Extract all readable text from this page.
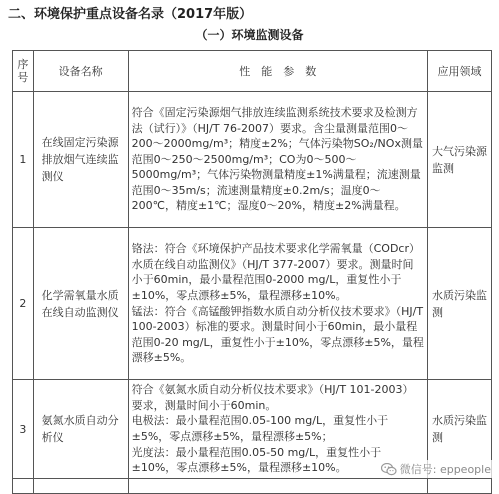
二、环境保护重点设备名录（2017年版）
（一）环境监测设备
序号	设备名称	性　能　参　数	应用领域
1	在线固定污染源排放烟气连续监测仪	符合《固定污染源烟气排放连续监测系统技术要求及检测方法（试行）》（HJ/T 76-2007）要求。含尘量测量范围0～200～2000mg/m³；精度±2%；气体污染物SO₂/NOx测量范围0～250～2500mg/m³；CO为0～500～5000mg/m³；气体污染物测量精度±1%满量程；流速测量范围0～35m/s；流速测量精度±0.2m/s；温度0～200℃，精度±1℃；湿度0～20%，精度±2%满量程。	大气污染源监测
2	化学需氧量水质在线自动监测仪	铬法：符合《环境保护产品技术要求化学需氧量（CODcr）水质在线自动监测仪》（HJ/T 377-2007）要求。测量时间小于60min，最小量程范围0-2000 mg/L，重复性小于±10%，零点漂移±5%，量程漂移±10%。

锰法：符合《高锰酸钾指数水质自动分析仪技术要求》（HJ/T 100-2003）标准的要求。测量时间小于60min，最小量程范围0-20 mg/L，重复性小于±10%，零点漂移±5%，量程漂移±5%。	水质污染监测
3	氨氮水质自动分析仪	符合《氨氮水质自动分析仪技术要求》（HJ/T 101-2003）要求，测量时间小于60min。

电极法：最小量程范围0.05-100 mg/L，重复性小于±5%，零点漂移±5%，量程漂移±5%；

光度法：最小量程范围0.05-50 mg/L，重复性小于±10%，零点漂移±5%，量程漂移±10%。	水质污染监测

微信号: eppeople
